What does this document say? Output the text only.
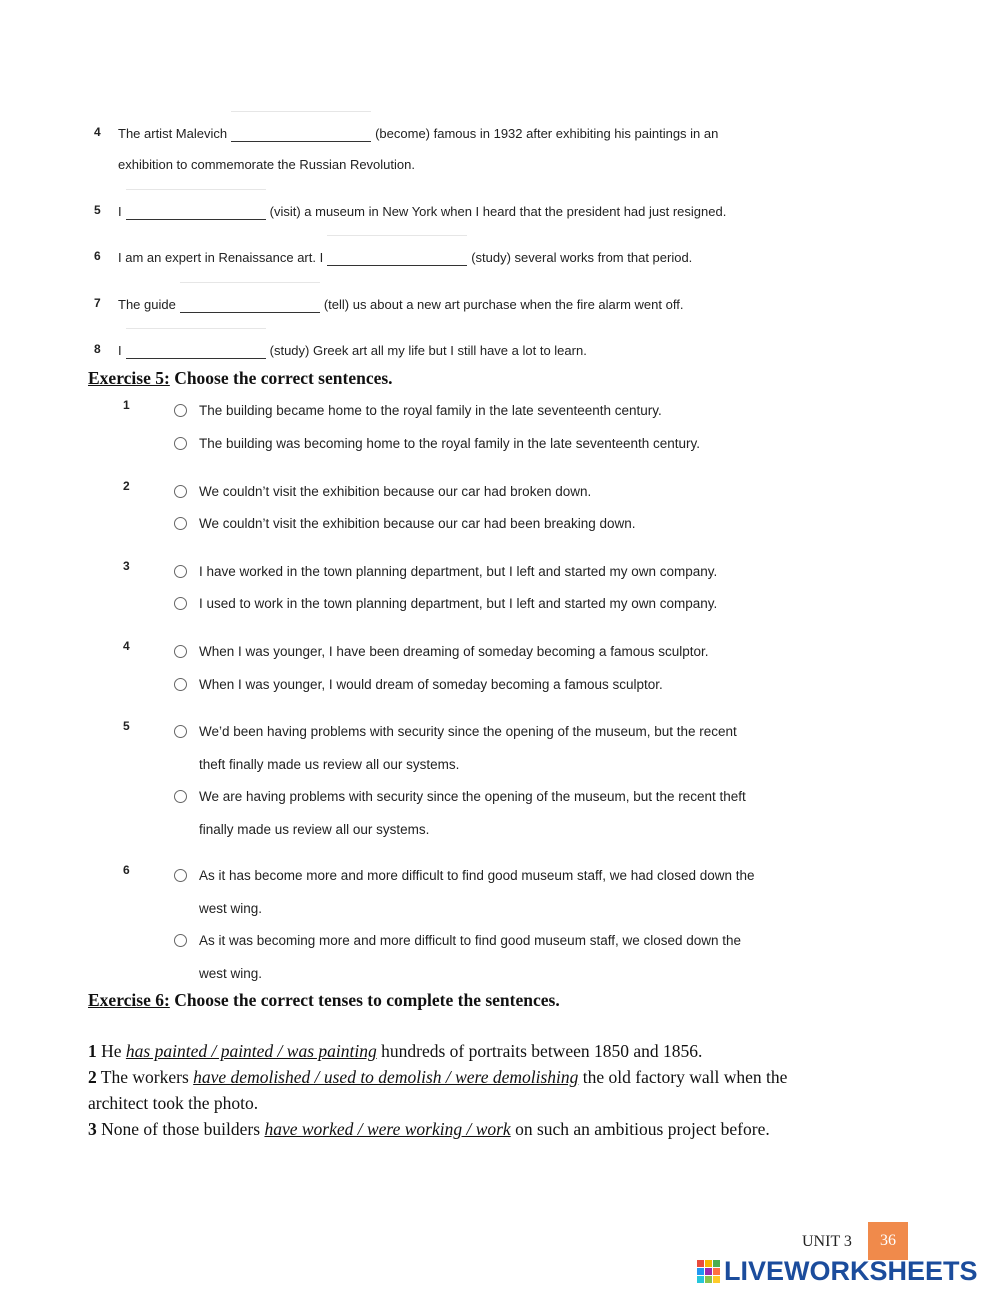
4 The artist Malevich	(become) famous in 1932 after exhibiting his paintings in an
exhibition to commemorate the Russian Revolution.
5 I	(visit) a museum in New York when I heard that the president had just resigned.
6 I am an expert in Renaissance art. I	(study) several works from that period.
7 The guide	(tell) us about a new art purchase when the fire alarm went off.
8 I	(study) Greek art all my life but I still have a lot to learn.
Exercise 5: Choose the correct sentences.
1	The building became home to the royal family in the late seventeenth century.
The building was becoming home to the royal family in the late seventeenth century.
2	We couldn’t visit the exhibition because our car had broken down.
We couldn’t visit the exhibition because our car had been breaking down.
3	I have worked in the town planning department, but I left and started my own company.
I used to work in the town planning department, but I left and started my own company.
4	When I was younger, I have been dreaming of someday becoming a famous sculptor.
When I was younger, I would dream of someday becoming a famous sculptor.
5	We’d been having problems with security since the opening of the museum, but the recent
theft finally made us review all our systems.
We are having problems with security since the opening of the museum, but the recent theft
finally made us review all our systems.
6	As it has become more and more difficult to find good museum staff, we had closed down the
west wing.
As it was becoming more and more difficult to find good museum staff, we closed down the
west wing.
Exercise 6: Choose the correct tenses to complete the sentences.
1 He has painted / painted / was painting hundreds of portraits between 1850 and 1856.
2 The workers have demolished / used to demolish / were demolishing the old factory wall when the
architect took the photo.
3 None of those builders have worked / were working / work on such an ambitious project before.
UNIT 3	36
LIVEWORKSHEETS
